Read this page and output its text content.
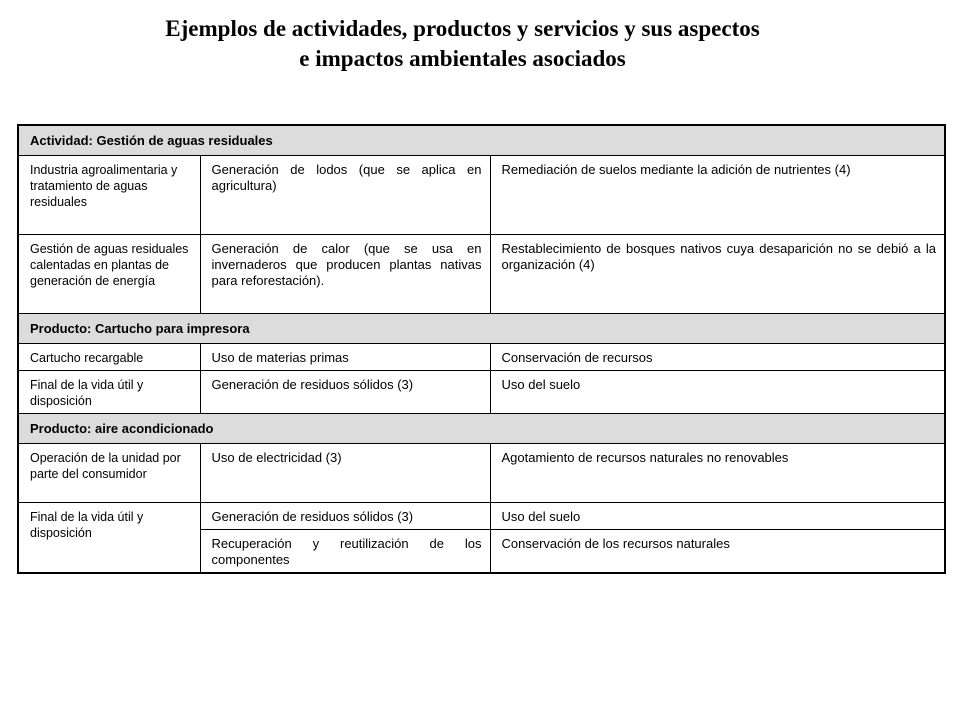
Ejemplos de actividades, productos y servicios y sus aspectos
e impactos ambientales asociados
Actividad: Gestión de aguas residuales		
Industria agroalimentaria y tratamiento de aguas residuales	Generación de lodos (que se aplica en agricultura)	Remediación de suelos mediante la adición de nutrientes (4)
Gestión de aguas residuales calentadas en plantas de generación de energía	Generación de calor (que se usa en invernaderos que producen plantas nativas para reforestación).	Restablecimiento de bosques nativos cuya desaparición no se debió a la organización (4)
Producto: Cartucho para impresora		
Cartucho recargable	Uso de materias primas	Conservación de recursos
Final de la vida útil y disposición	Generación de residuos sólidos (3)	Uso del suelo
Producto: aire acondicionado		
Operación de la unidad por parte del consumidor	Uso de electricidad (3)	Agotamiento de recursos naturales no renovables
Final de la vida útil y disposición	Generación de residuos sólidos (3)	Uso del suelo
	Recuperación y reutilización de los componentes	Conservación de los recursos naturales
